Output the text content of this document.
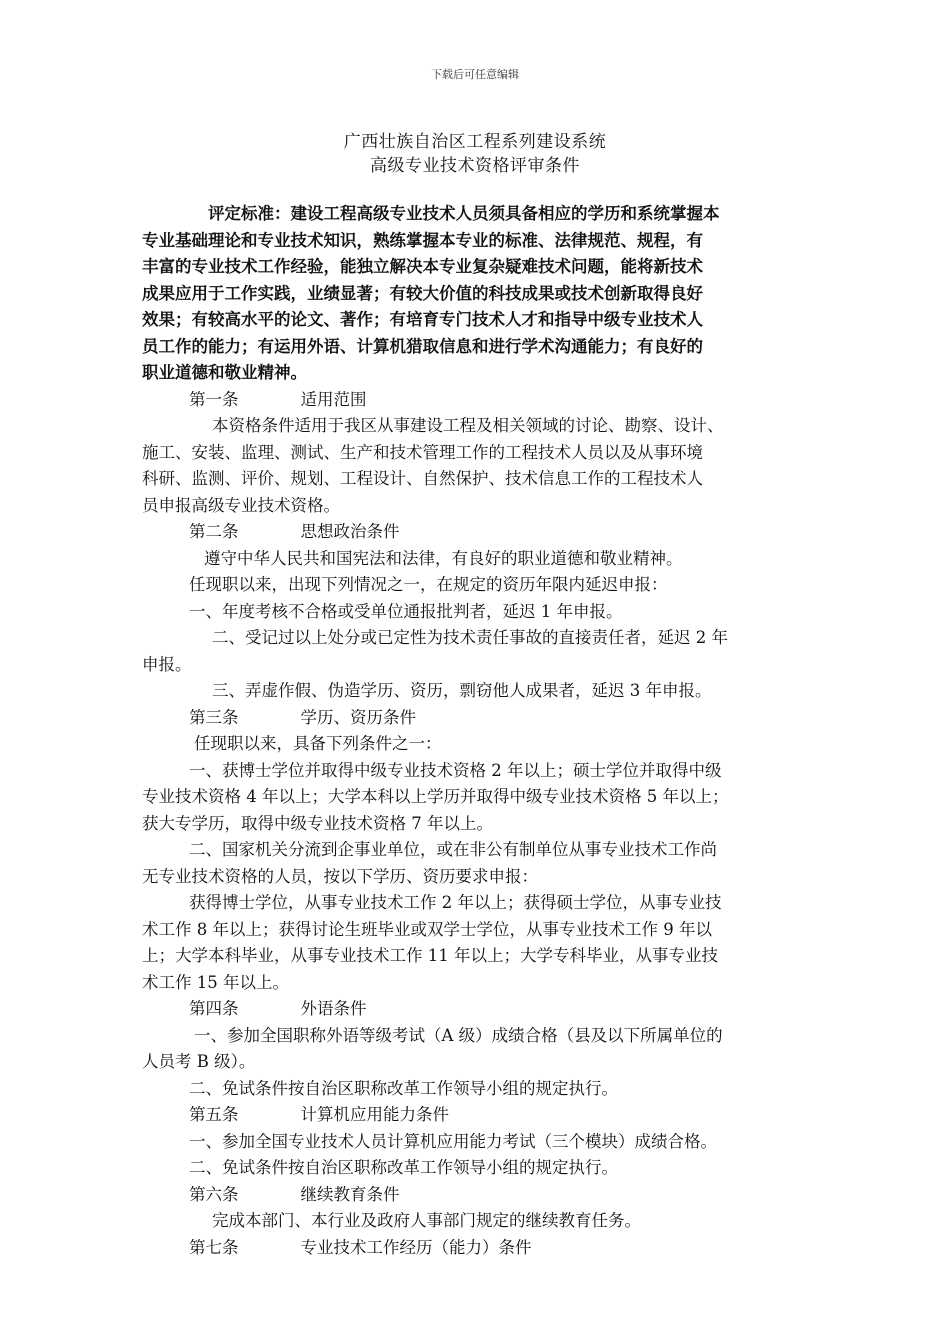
下载后可任意编辑
广西壮族自治区工程系列建设系统
高级专业技术资格评审条件

评定标准：建设工程高级专业技术人员须具备相应的学历和系统掌握本

专业基础理论和专业技术知识，熟练掌握本专业的标准、法律规范、规程，有

丰富的专业技术工作经验，能独立解决本专业复杂疑难技术问题，能将新技术

成果应用于工作实践，业绩显著；有较大价值的科技成果或技术创新取得良好

效果；有较高水平的论文、著作；有培育专门技术人才和指导中级专业技术人

员工作的能力；有运用外语、计算机猎取信息和进行学术沟通能力；有良好的

职业道德和敬业精神。

第一条	适用范围

本资格条件适用于我区从事建设工程及相关领域的讨论、勘察、设计、

施工、安装、监理、测试、生产和技术管理工作的工程技术人员以及从事环境

科研、监测、评价、规划、工程设计、自然保护、技术信息工作的工程技术人

员申报高级专业技术资格。

第二条	思想政治条件

遵守中华人民共和国宪法和法律，有良好的职业道德和敬业精神。

任现职以来，出现下列情况之一，在规定的资历年限内延迟申报：

一、年度考核不合格或受单位通报批判者，延迟 1 年申报。

二、受记过以上处分或已定性为技术责任事故的直接责任者，延迟 2 年

申报。

三、弄虚作假、伪造学历、资历，剽窃他人成果者，延迟 3 年申报。

第三条	学历、资历条件

任现职以来，具备下列条件之一：

一、获博士学位并取得中级专业技术资格 2 年以上；硕士学位并取得中级

专业技术资格 4 年以上；大学本科以上学历并取得中级专业技术资格 5 年以上；

获大专学历，取得中级专业技术资格 7 年以上。

二、国家机关分流到企事业单位，或在非公有制单位从事专业技术工作尚

无专业技术资格的人员，按以下学历、资历要求申报：

获得博士学位，从事专业技术工作 2 年以上；获得硕士学位，从事专业技

术工作 8 年以上；获得讨论生班毕业或双学士学位，从事专业技术工作 9 年以

上；大学本科毕业，从事专业技术工作 11 年以上；大学专科毕业，从事专业技

术工作 15 年以上。

第四条	外语条件

一、参加全国职称外语等级考试（A 级）成绩合格（县及以下所属单位的

人员考 B 级）。

二、免试条件按自治区职称改革工作领导小组的规定执行。

第五条	计算机应用能力条件

一、参加全国专业技术人员计算机应用能力考试（三个模块）成绩合格。

二、免试条件按自治区职称改革工作领导小组的规定执行。

第六条	继续教育条件

完成本部门、本行业及政府人事部门规定的继续教育任务。

第七条	专业技术工作经历（能力）条件
